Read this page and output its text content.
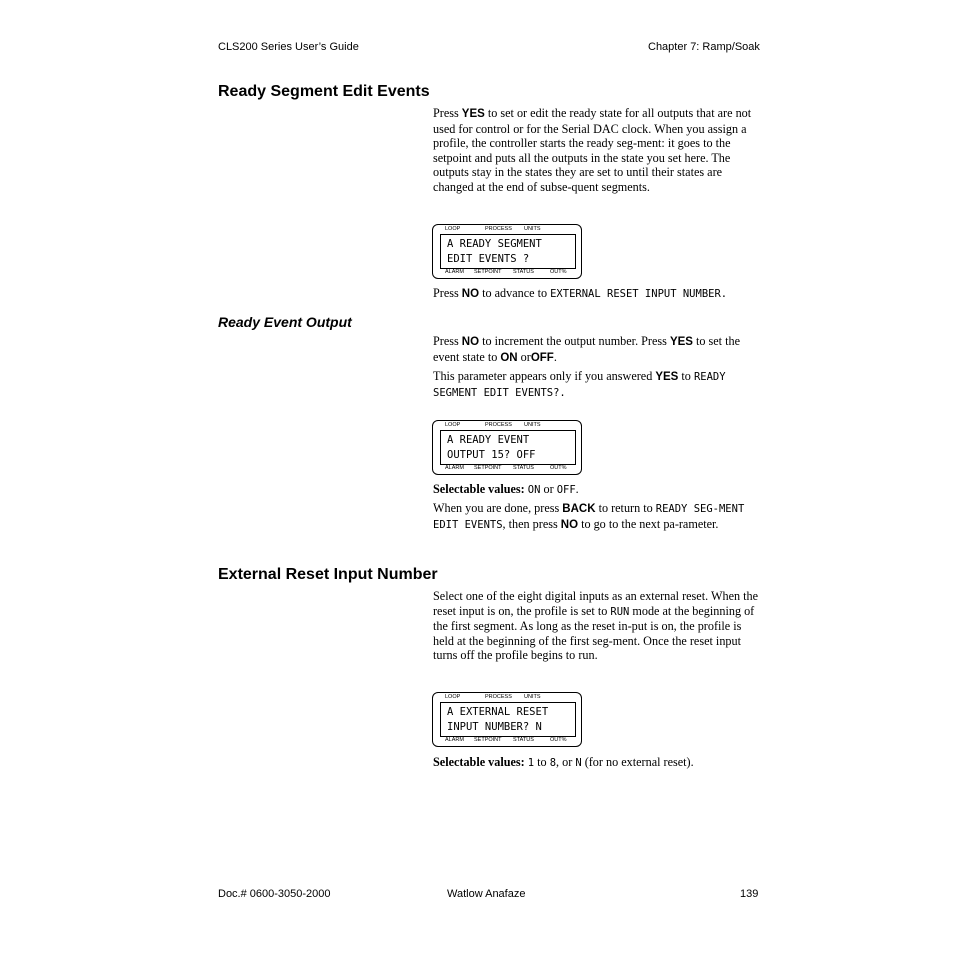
CLS200 Series User’s Guide	Chapter 7: Ramp/Soak
Ready Segment Edit Events
Press YES to set or edit the ready state for all outputs that are not used for control or for the Serial DAC clock. When you assign a profile, the controller starts the ready seg-ment: it goes to the setpoint and puts all the outputs in the state you set here. The outputs stay in the states they are set to until their states are changed at the end of subse-quent segments.
LOOP	PROCESS UNITS
A READY SEGMENT
EDIT EVENTS ?
ALARM SETPOINT STATUS	OUT%
Press NO to advance to EXTERNAL RESET INPUT NUMBER.
Ready Event Output
Press NO to increment the output number. Press YES to set the event state to ON orOFF.
This parameter appears only if you answered YES to READY SEGMENT EDIT EVENTS?.
LOOP	PROCESS UNITS
A READY EVENT
OUTPUT 15? OFF
ALARM SETPOINT STATUS	OUT%
Selectable values: ON or OFF.
When you are done, press BACK to return to READY SEG-MENT EDIT EVENTS, then press NO to go to the next pa-rameter.
External Reset Input Number
Select one of the eight digital inputs as an external reset. When the reset input is on, the profile is set to RUN mode at the beginning of the first segment. As long as the reset in-put is on, the profile is held at the beginning of the first seg-ment. Once the reset input turns off the profile begins to run.
LOOP	PROCESS UNITS
A EXTERNAL RESET
INPUT NUMBER? N
ALARM SETPOINT STATUS	OUT%
Selectable values: 1 to 8, or N (for no external reset).
Doc.# 0600-3050-2000	Watlow Anafaze	139
